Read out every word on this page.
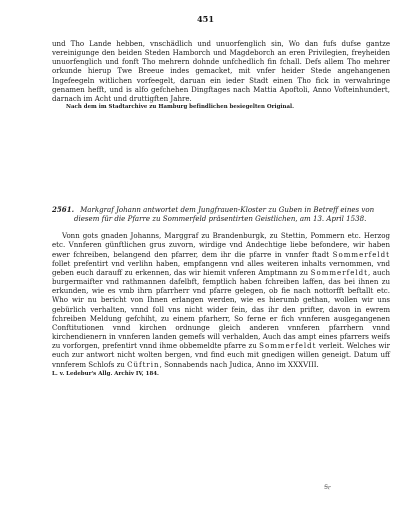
451

und Tho Lande hebben, vnschädlich und unuorfenglich sin, Wo dan fufs dufse gantze vereinigunge den beiden Steden Hamborch und Magdeborch an eren Privilegien, freyheiden unuorfenglich und fonft Tho mehrern dohnde unfchedlich fin fchall. Defs allem Tho mehrer orkunde hierup Twe Breeue indes gemacket, mit vnfer heider Stede angehangenen Ingefeegeln witlichen vorfeegelt, daruan ein ieder Stadt einen Tho fick in verwahringe genamen hefft, und is alfo gefchehen Dingftages nach Mattia Apoftoli, Anno Vofteinhundert, darnach im Acht und druttigften Jahre.

Nach dem im Stadtarchive zu Hamburg befindlichen besiegelten Original.

2561. Markgraf Johann antwortet dem Jungfrauen-Kloster zu Guben in Betreff eines von
diesem für die Pfarre zu Sommerfeld präsentirten Geistlichen, am 13. April 1538.

Vonn gots gnaden Johanns, Marggraf zu Brandenburgk, zu Stettin, Pommern etc. Herzog etc. Vnnferen günftlichen grus zuvorn, wirdige vnd Andechtige liebe befondere, wir haben ewer fchreiben, belangend den pfarrer, dem ihr die pfarre in vnnfer ftadt Sommerfeldt follet prefentirt vnd verlihn haben, empfangenn vnd alles weiteren inhalts vernommen, vnd geben euch darauff zu erkennen, das wir hiemit vnferen Amptmann zu Sommerfeldt, auch burgermaifter vnd rathmannen dafelbft, femptlich haben fchreiben laffen, das bei ihnen zu erkunden, wie es vmb ihrn pfarrherr vnd pfarre gelegen, ob fie nach nottorfft beftallt etc. Who wir nu bericht von Ihnen erlangen werden, wie es hierumb gethan, wollen wir uns gebürlich verhalten, vnnd foll vns nicht wider fein, das ihr den prifter, davon in ewrem fchreiben Meldung gefchiht, zu einem pfarherr, So ferne er fich vnnferen ausgegangenen Conftitutionen vnnd kirchen ordnunge gleich anderen vnnferen pfarrhern vnnd kirchendienern in vnnferen landen gemefs will verhalden, Auch das ampt eines pfarrers weifs zu vorforgen, prefentirt vnnd ihme obbemeldte pfarre zu Sommerfeldt verleit. Welches wir euch zur antwort nicht wolten bergen, vnd find euch mit gnedigen willen geneigt. Datum uff vnnferem Schlofs zu Cüftrin, Sonnabends nach Judica, Anno im XXXVIII.

L. v. Ledebur's Allg. Archiv IV, 184.

Ꞩr
